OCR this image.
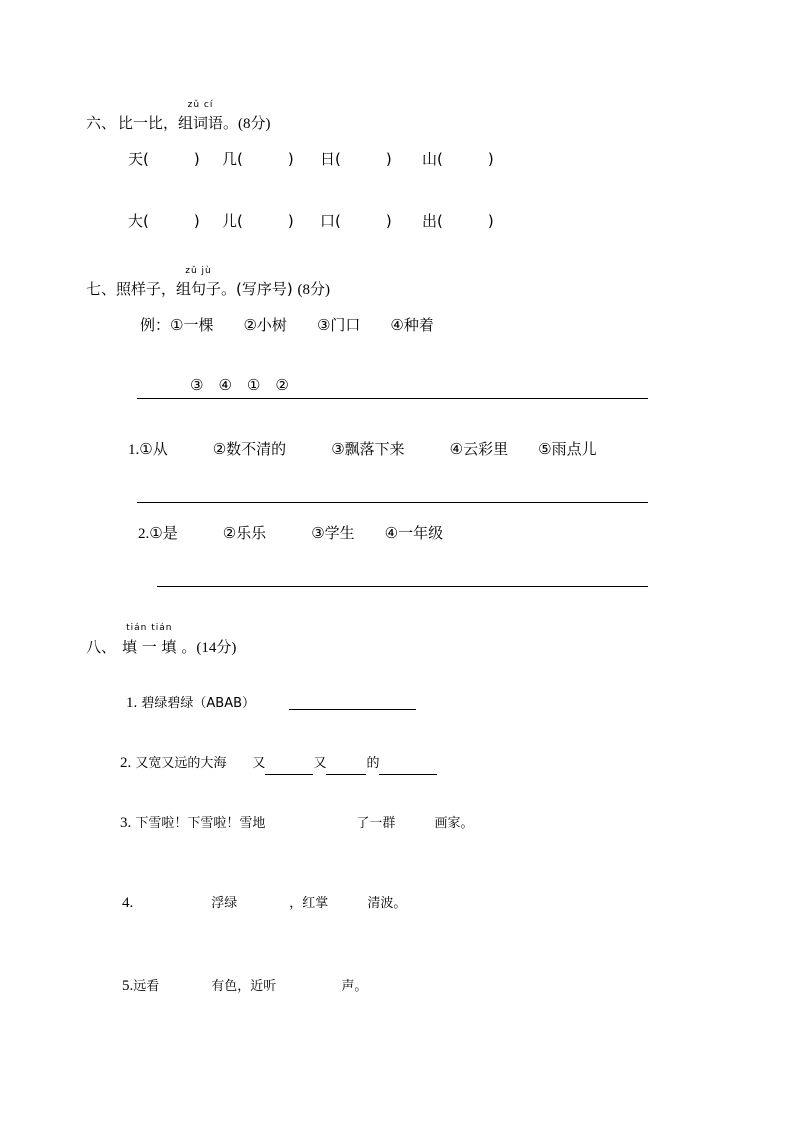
六、 比一比，
zǔ cí
组词语。(8分)
天(　　　) 几(　　　) 日(　　　) 山(　　　)
大(　　　) 儿(　　　) 口(　　　) 出(　　　)
七、 照样子，
zǔ jù
组句子。(写序号) (8分)
例：①一棵　　 ②小树　　 ③门口　　 ④种着
③　④　①　②
1.①从　　　	②数不清的　　　	③飘落下来　　　	④云彩里　　 ⑤雨点儿
2.①是　　　	②乐乐　　　	③学生　　 ④一年级
八、
tián tián
填 一 填 。(14分)
1. 碧绿碧绿（ABAB）
2. 又宽又远的大海　　 又	又	的
3. 下雪啦！下雪啦！雪地　　　　　　　	了一群　　　	画家。
4.　　　　　　	浮绿　　　　	，红掌　　　	清波。
5.远看　　　　	有色，近听　　　　　	声。
